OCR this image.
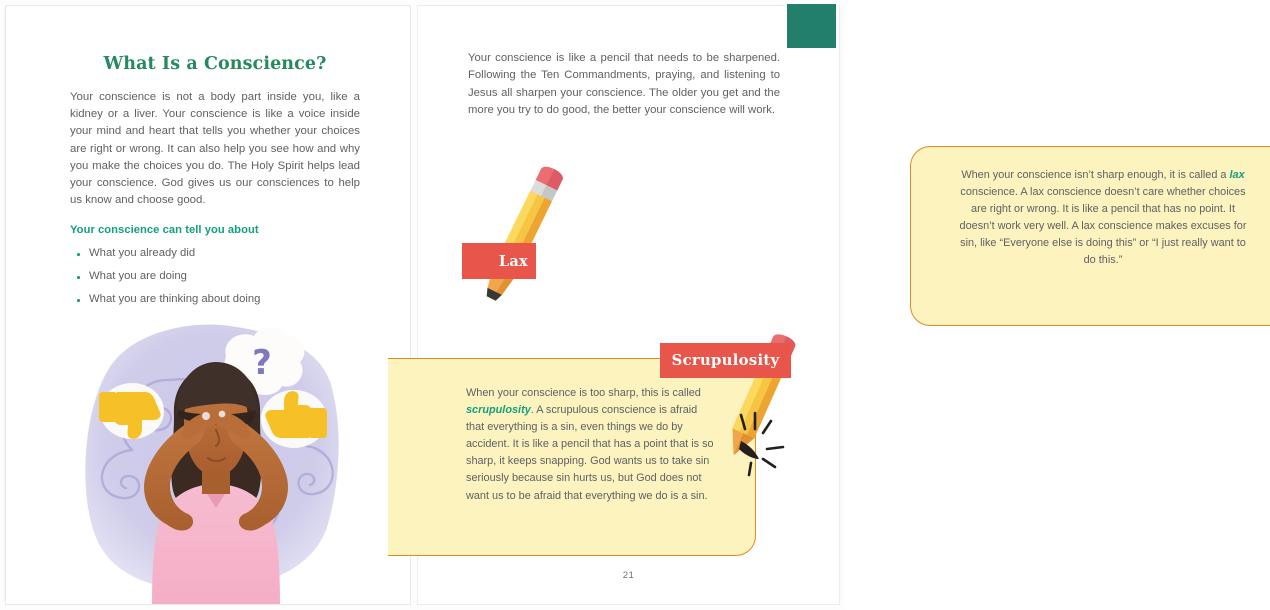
What Is a Conscience?
Your conscience is not a body part inside you, like a kidney or a liver. Your conscience is like a voice inside your mind and heart that tells you whether your choices are right or wrong. It can also help you see how and why you make the choices you do. The Holy Spirit helps lead your conscience. God gives us our consciences to help us know and choose good.
Your conscience can tell you about
What you already did
What you are doing
What you are thinking about doing
?
Your conscience is like a pencil that needs to be sharpened. Following the Ten Commandments, praying, and listening to Jesus all sharpen your conscience. The older you get and the more you try to do good, the better your conscience will work.
When your conscience isn’t sharp enough, it is called a lax conscience. A lax conscience doesn’t care whether choices are right or wrong. It is like a pencil that has no point. It doesn’t work very well. A lax conscience makes excuses for sin, like “Everyone else is doing this” or “I just really want to do this.”
When your conscience is too sharp, this is called scrupulosity. A scrupulous conscience is afraid that everything is a sin, even things we do by accident. It is like a pencil that has a point that is so sharp, it keeps snapping. God wants us to take sin seriously because sin hurts us, but God does not want us to be afraid that everything we do is a sin.
Lax
Scrupulosity
21
